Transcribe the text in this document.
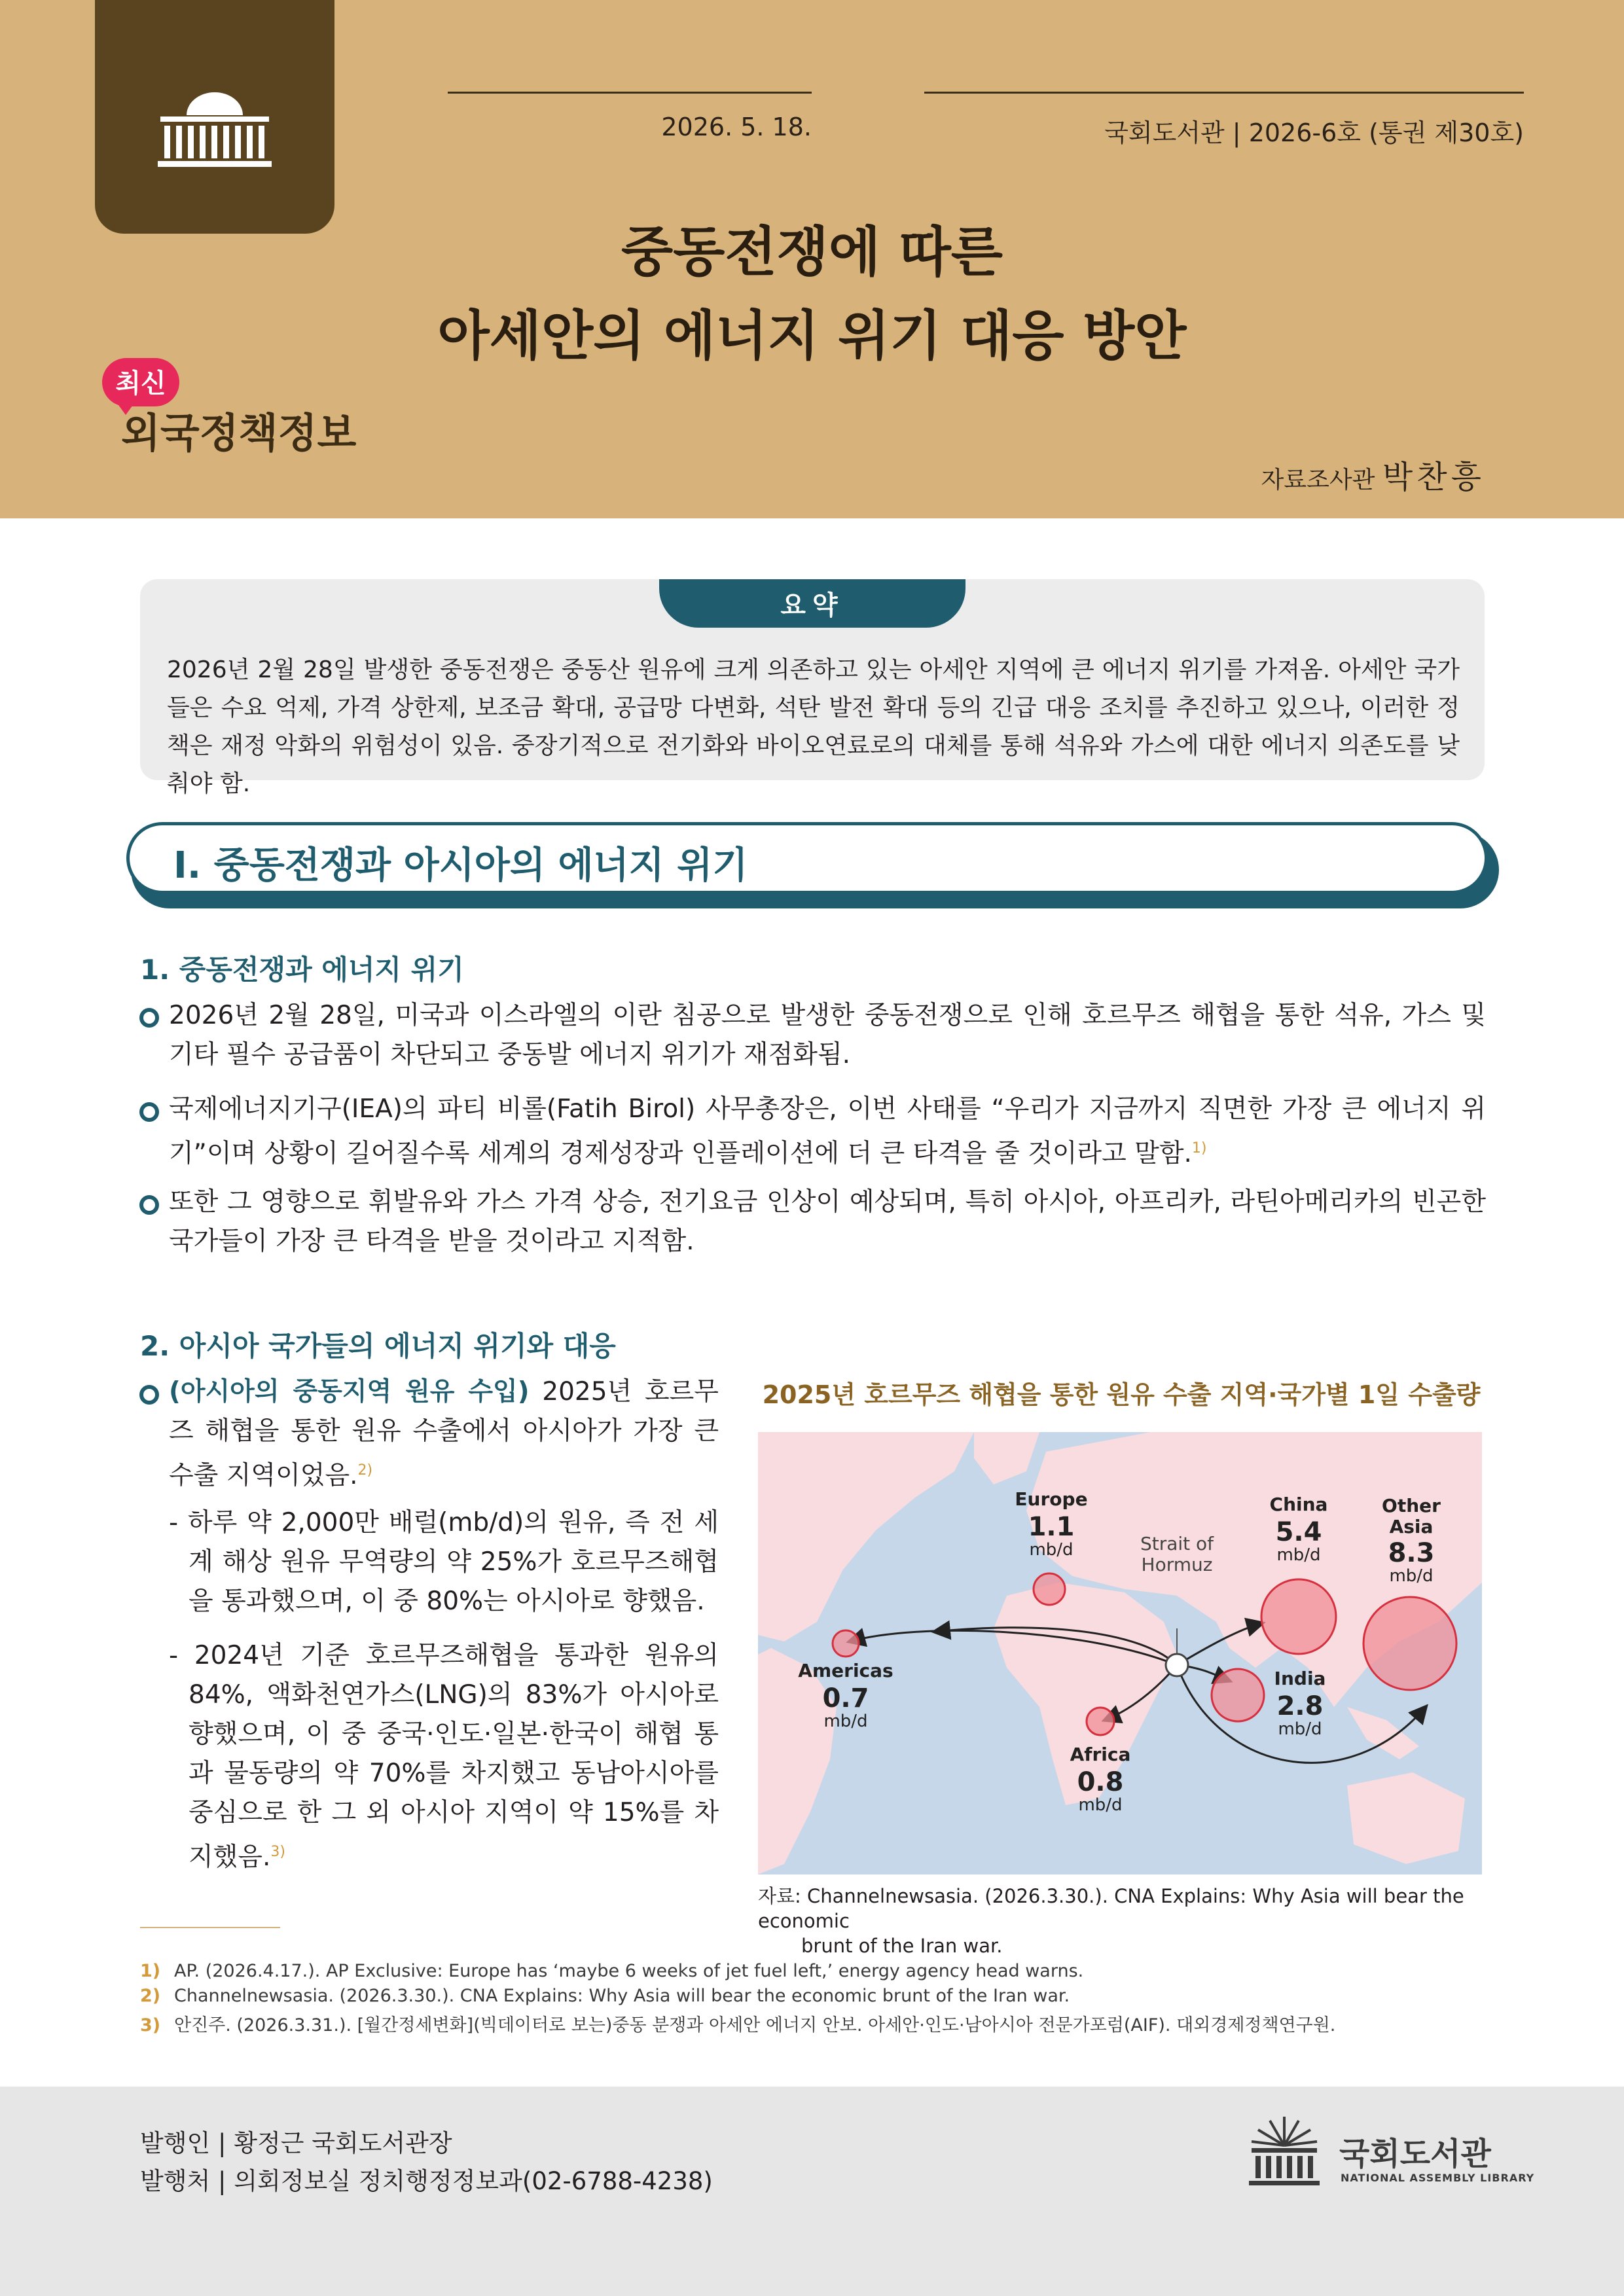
2026. 5. 18.	국회도서관 | 2026-6호 (통권 제30호)
중동전쟁에 따른
아세안의 에너지 위기 대응 방안
최신
외국정책정보
자료조사관 박찬흥
요약
2026년 2월 28일 발생한 중동전쟁은 중동산 원유에 크게 의존하고 있는 아세안 지역에 큰 에너지 위기를 가져옴. 아세안 국가들은 수요 억제, 가격 상한제, 보조금 확대, 공급망 다변화, 석탄 발전 확대 등의 긴급 대응 조치를 추진하고 있으나, 이러한 정책은 재정 악화의 위험성이 있음. 중장기적으로 전기화와 바이오연료로의 대체를 통해 석유와 가스에 대한 에너지 의존도를 낮춰야 함.
Ⅰ. 중동전쟁과 아시아의 에너지 위기
1. 중동전쟁과 에너지 위기
2026년 2월 28일, 미국과 이스라엘의 이란 침공으로 발생한 중동전쟁으로 인해 호르무즈 해협을 통한 석유, 가스 및 기타 필수 공급품이 차단되고 중동발 에너지 위기가 재점화됨.
국제에너지기구(IEA)의 파티 비롤(Fatih Birol) 사무총장은, 이번 사태를 “우리가 지금까지 직면한 가장 큰 에너지 위기”이며 상황이 길어질수록 세계의 경제성장과 인플레이션에 더 큰 타격을 줄 것이라고 말함.$^{1)}$
또한 그 영향으로 휘발유와 가스 가격 상승, 전기요금 인상이 예상되며, 특히 아시아, 아프리카, 라틴아메리카의 빈곤한 국가들이 가장 큰 타격을 받을 것이라고 지적함.
2. 아시아 국가들의 에너지 위기와 대응
(아시아의 중동지역 원유 수입) 2025년 호르무즈 해협을 통한 원유 수출에서 아시아가 가장 큰 수출 지역이었음.$^{2)}$
- 하루 약 2,000만 배럴(mb/d)의 원유, 즉 전 세계 해상 원유 무역량의 약 25%가 호르무즈해협을 통과했으며, 이 중 80%는 아시아로 향했음.
- 2024년 기준 호르무즈해협을 통과한 원유의 84%, 액화천연가스(LNG)의 83%가 아시아로 향했으며, 이 중 중국·인도·일본·한국이 해협 통과 물동량의 약 70%를 차지했고 동남아시아를 중심으로 한 그 외 아시아 지역이 약 15%를 차지했음.$^{3)}$
2025년 호르무즈 해협을 통한 원유 수출 지역·국가별 1일 수출량
Strait of
Hormuz
Europe
1.1
mb/d
Americas
0.7
mb/d
Africa
0.8
mb/d
China
5.4
mb/d
India
2.8
mb/d
Other
Asia
8.3
mb/d
자료: Channelnewsasia. (2026.3.30.). CNA Explains: Why Asia will bear the economic
brunt of the Iran war.
1) AP. (2026.4.17.). AP Exclusive: Europe has ‘maybe 6 weeks of jet fuel left,’ energy agency head warns.
2) Channelnewsasia. (2026.3.30.). CNA Explains: Why Asia will bear the economic brunt of the Iran war.
3) 안진주. (2026.3.31.). [월간정세변화](빅데이터로 보는)중동 분쟁과 아세안 에너지 안보. 아세안·인도·남아시아 전문가포럼(AIF). 대외경제정책연구원.
발행인 | 황정근 국회도서관장
발행처 | 의회정보실 정치행정정보과(02-6788-4238)
국회도서관
NATIONAL ASSEMBLY LIBRARY
